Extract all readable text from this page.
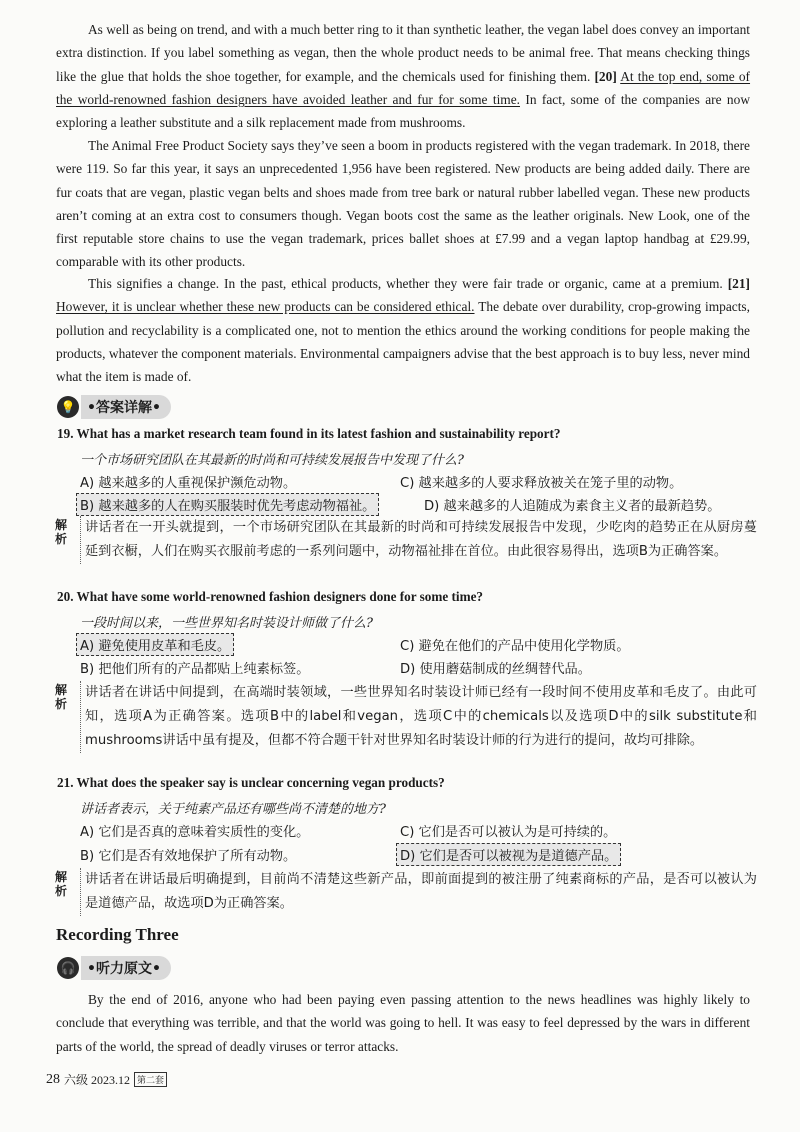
As well as being on trend, and with a much better ring to it than synthetic leather, the vegan label does convey an important extra distinction. If you label something as vegan, then the whole product needs to be animal free. That means checking things like the glue that holds the shoe together, for example, and the chemicals used for finishing them. [20] At the top end, some of the world-renowned fashion designers have avoided leather and fur for some time. In fact, some of the companies are now exploring a leather substitute and a silk replacement made from mushrooms.

The Animal Free Product Society says they’ve seen a boom in products registered with the vegan trademark. In 2018, there were 119. So far this year, it says an unprecedented 1,956 have been registered. New products are being added daily. There are fur coats that are vegan, plastic vegan belts and shoes made from tree bark or natural rubber labelled vegan. These new products aren’t coming at an extra cost to consumers though. Vegan boots cost the same as the leather originals. New Look, one of the first reputable store chains to use the vegan trademark, prices ballet shoes at £7.99 and a vegan laptop handbag at £29.99, comparable with its other products.

This signifies a change. In the past, ethical products, whether they were fair trade or organic, came at a premium. [21] However, it is unclear whether these new products can be considered ethical. The debate over durability, crop-growing impacts, pollution and recyclability is a complicated one, not to mention the ethics around the working conditions for people making the products, whatever the component materials. Environmental campaigners advise that the best approach is to buy less, never mind what the item is made of.

💡 •答案详解•
19. What has a market research team found in its latest fashion and sustainability report?
一个市场研究团队在其最新的时尚和可持续发展报告中发现了什么?
A) 越来越多的人重视保护濒危动物。	C) 越来越多的人要求释放被关在笼子里的动物。
B) 越来越多的人在购买服装时优先考虑动物福祉。	D) 越来越多的人追随成为素食主义者的最新趋势。
解析

讲话者在一开头就提到，一个市场研究团队在其最新的时尚和可持续发展报告中发现，少吃肉的趋势正在从厨房蔓延到衣橱，人们在购买衣服前考虑的一系列问题中，动物福祉排在首位。由此很容易得出，选项B为正确答案。

20. What have some world-renowned fashion designers done for some time?
一段时间以来，一些世界知名时装设计师做了什么?
A) 避免使用皮革和毛皮。	C) 避免在他们的产品中使用化学物质。
B) 把他们所有的产品都贴上纯素标签。	D) 使用蘑菇制成的丝绸替代品。
解析

讲话者在讲话中间提到，在高端时装领域，一些世界知名时装设计师已经有一段时间不使用皮革和毛皮了。由此可知，选项A为正确答案。选项B中的label和vegan，选项C中的chemicals以及选项D中的silk substitute和mushrooms讲话中虽有提及，但都不符合题干针对世界知名时装设计师的行为进行的提问，故均可排除。

21. What does the speaker say is unclear concerning vegan products?
讲话者表示，关于纯素产品还有哪些尚不清楚的地方?
A) 它们是否真的意味着实质性的变化。	C) 它们是否可以被认为是可持续的。
B) 它们是否有效地保护了所有动物。	D) 它们是否可以被视为是道德产品。
解析

讲话者在讲话最后明确提到，目前尚不清楚这些新产品，即前面提到的被注册了纯素商标的产品，是否可以被认为是道德产品，故选项D为正确答案。

Recording Three
🎧 •听力原文•

By the end of 2016, anyone who had been paying even passing attention to the news headlines was highly likely to conclude that everything was terrible, and that the world was going to hell. It was easy to feel depressed by the wars in different parts of the world, the spread of deadly viruses or terror attacks.

28 六级 2023.12 第二套
